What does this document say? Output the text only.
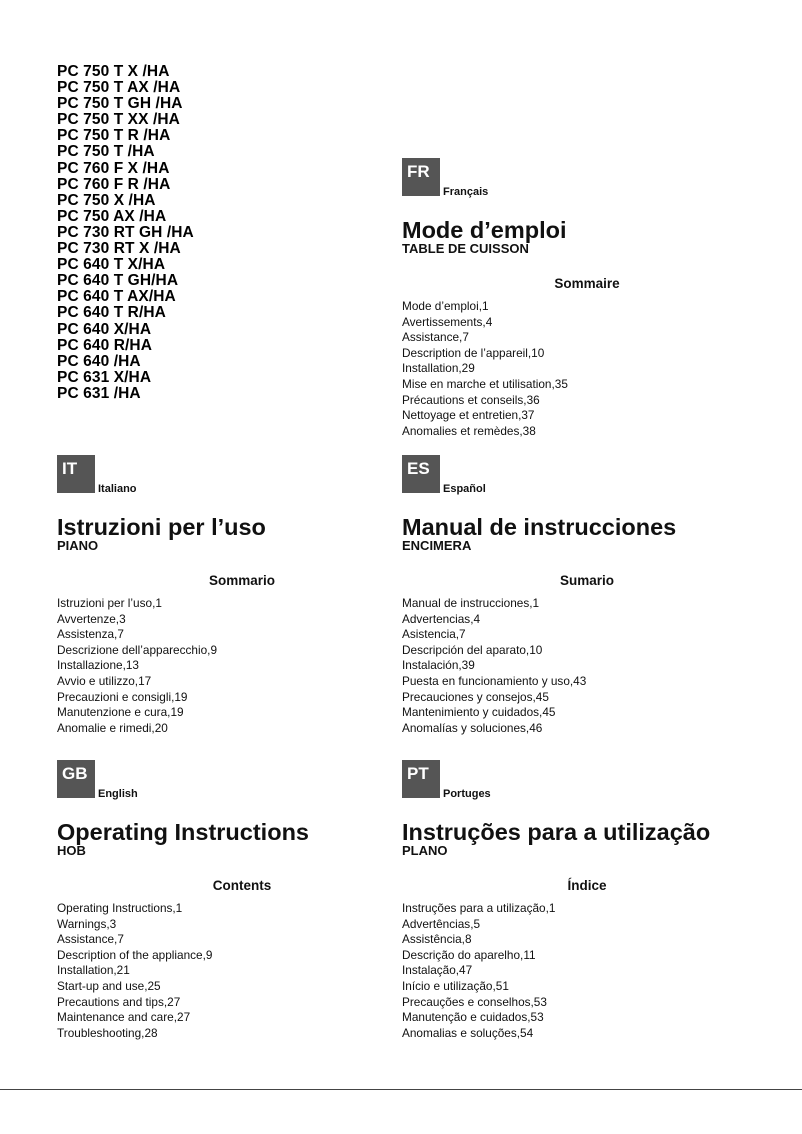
PC 750 T X /HA
PC 750 T AX /HA
PC 750 T GH /HA
PC 750 T XX /HA
PC 750 T R /HA
PC 750 T /HA
PC 760 F X /HA
PC 760 F R /HA
PC 750 X /HA
PC 750 AX /HA
PC 730 RT GH /HA
PC 730 RT X /HA
PC 640 T X/HA
PC 640 T GH/HA
PC 640 T AX/HA
PC 640 T R/HA
PC 640 X/HA
PC 640 R/HA
PC 640 /HA
PC 631 X/HA
PC 631 /HA
FR
Français
Mode d’emploi
TABLE DE CUISSON
Sommaire
Mode d’emploi,1
Avertissements,4
Assistance,7
Description de l’appareil,10
Installation,29
Mise en marche et utilisation,35
Précautions et conseils,36
Nettoyage et entretien,37
Anomalies et remèdes,38
IT
Italiano
Istruzioni per l’uso
PIANO
Sommario
Istruzioni per l’uso,1
Avvertenze,3
Assistenza,7
Descrizione dell’apparecchio,9
Installazione,13
Avvio e utilizzo,17
Precauzioni e consigli,19
Manutenzione e cura,19
Anomalie e rimedi,20
ES
Español
Manual de instrucciones
ENCIMERA
Sumario
Manual de instrucciones,1
Advertencias,4
Asistencia,7
Descripción del aparato,10
Instalación,39
Puesta en funcionamiento y uso,43
Precauciones y consejos,45
Mantenimiento y cuidados,45
Anomalías y soluciones,46
GB
English
Operating Instructions
HOB
Contents
Operating Instructions,1
Warnings,3
Assistance,7
Description of the appliance,9
Installation,21
Start-up and use,25
Precautions and tips,27
Maintenance and care,27
Troubleshooting,28
PT
Portuges
Instruções para a utilização
PLANO
Índice
Instruções para a utilização,1
Advertências,5
Assistência,8
Descrição do aparelho,11
Instalação,47
Início e utilização,51
Precauções e conselhos,53
Manutenção e cuidados,53
Anomalias e soluções,54
